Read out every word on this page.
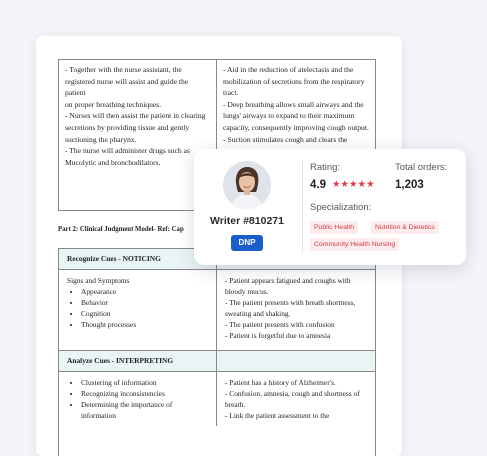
- Together with the nurse assistant, the
registered nurse will assist and guide the patient
on proper breathing techniques.
- Nurses will then assist the patient in clearing
secretions by providing tissue and gently
suctioning the pharynx.
- The nurse will administer drugs such as
Mucolytic and bronchodilators.
- Aid in the reduction of atelectasis and the
mobilization of secretions from the respiratory
tract.
- Deep breathing allows small airways and the
lungs' airways to expand to their maximum
capacity, consequently improving cough output.
- Suction stimulates cough and clears the
Part 2: Clinical Judgment Model- Ref: Cap
Recognize Cues - NOTICING
Signs and Symptoms
• Appearance
• Behavior
• Cognition
• Thought processes
- Patient appears fatigued and coughs with
bloody mucus.
- The patient presents with breath shortness,
sweating and shaking.
- The patient presents with confusion
- Patient is forgetful due to amnesia
Analyze Cues - INTERPRETING
• Clustering of information
• Recognizing inconsistencies
• Determining the importance of
information
- Patient has a history of Alzheimer's.
- Confusion, amnesia, cough and shortness of
breath.
- Link the patient assessment to the
Writer #810271
DNP
Rating:
4.9 ★★★★★
Total orders:
1,203
Specialization:
Public Health	Nutrition & Dietetics
Community Health Nursing
